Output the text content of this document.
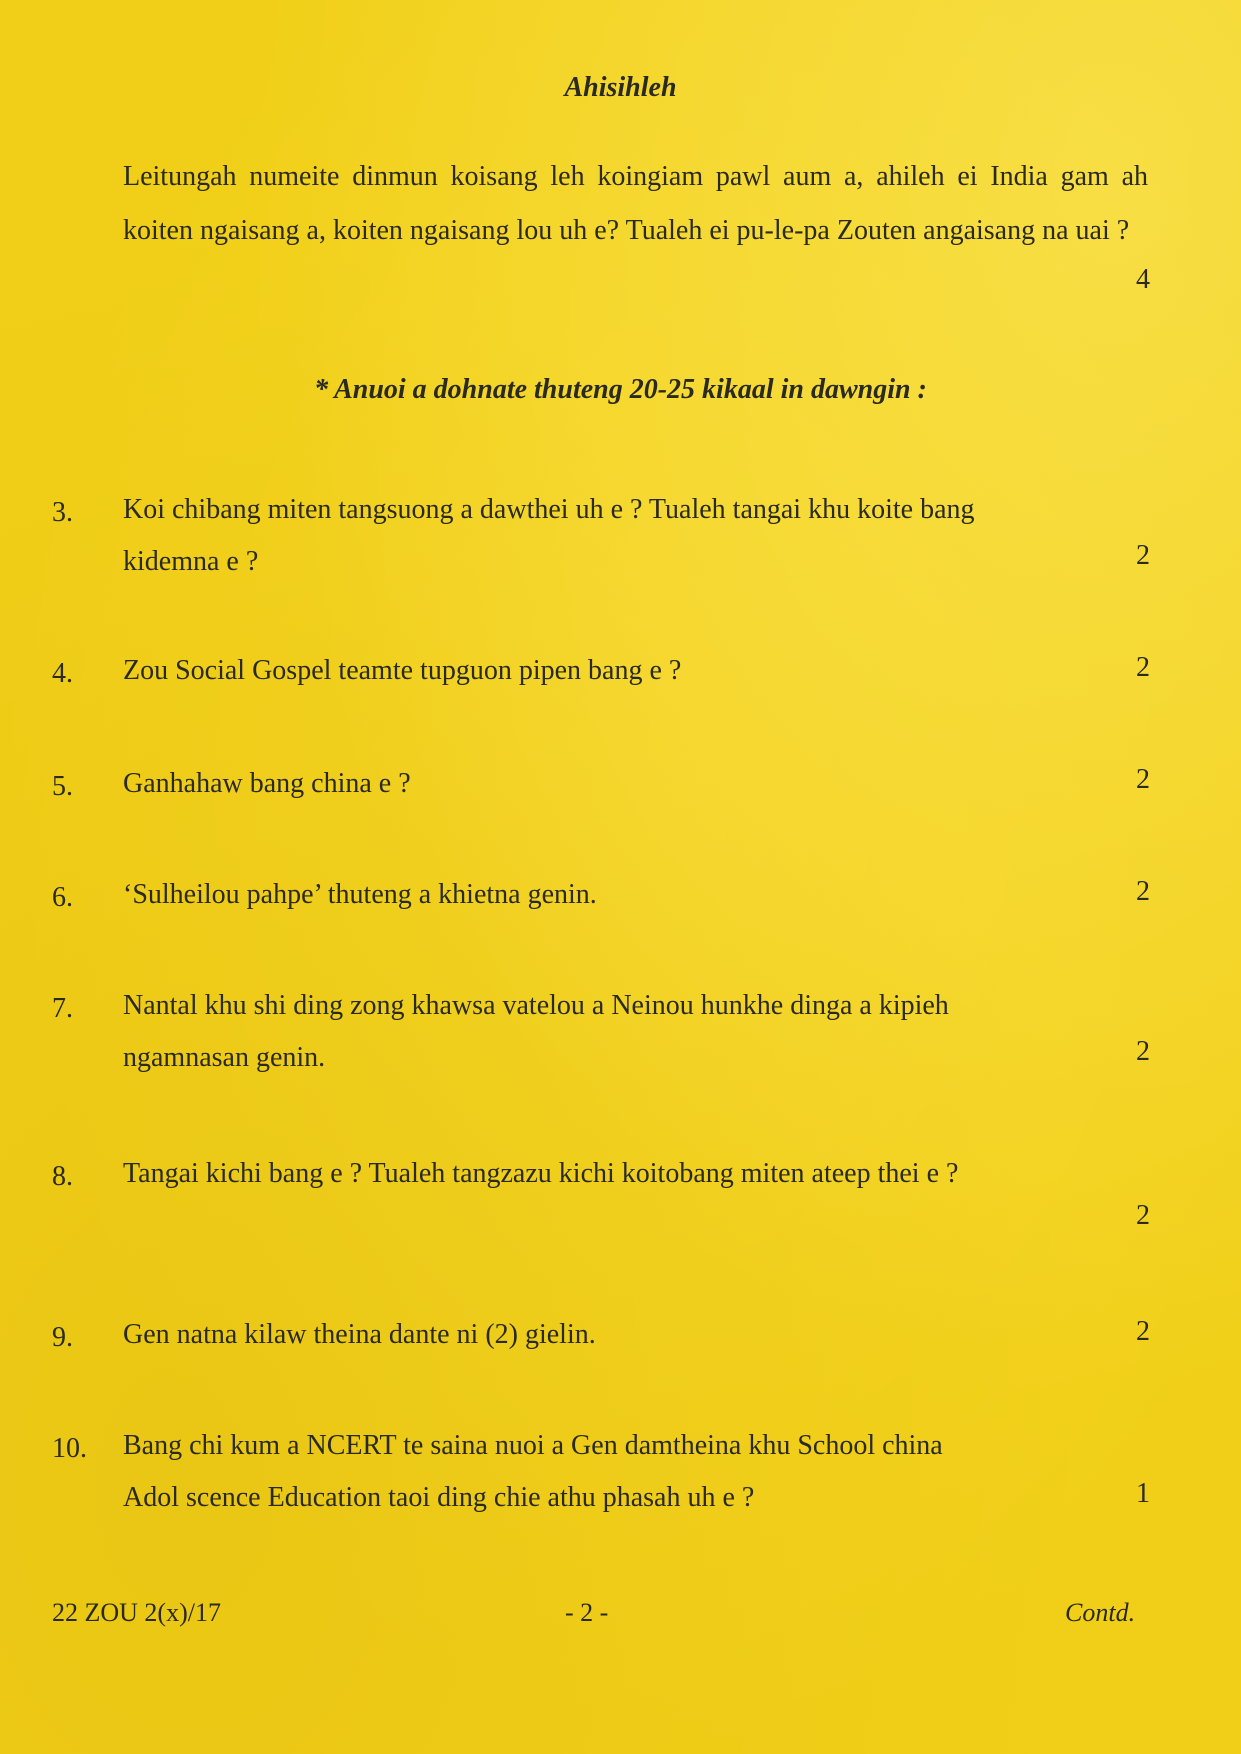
Ahisihleh
Leitungah numeite dinmun koisang leh koingiam pawl aum a, ahileh ei India gam ah koiten ngaisang a, koiten ngaisang lou uh e? Tualeh ei pu-le-pa Zouten angaisang na uai ?
4
* Anuoi a dohnate thuteng 20-25 kikaal in dawngin :
3. Koi chibang miten tangsuong a dawthei uh e ? Tualeh tangai khu koite bang
kidemna e ?	2
4. Zou Social Gospel teamte tupguon pipen bang e ?	2
5. Ganhahaw bang china e ?	2
6. ‘Sulheilou pahpe’ thuteng a khietna genin.	2
7. Nantal khu shi ding zong khawsa vatelou a Neinou hunkhe dinga a kipieh
ngamnasan genin.	2
8. Tangai kichi bang e ? Tualeh tangzazu kichi koitobang miten ateep thei e ?
2
9. Gen natna kilaw theina dante ni (2) gielin.	2
10. Bang chi kum a NCERT te saina nuoi a Gen damtheina khu School china
Adol scence Education taoi ding chie athu phasah uh e ?	1
22 ZOU 2(x)/17	- 2 -	Contd.
